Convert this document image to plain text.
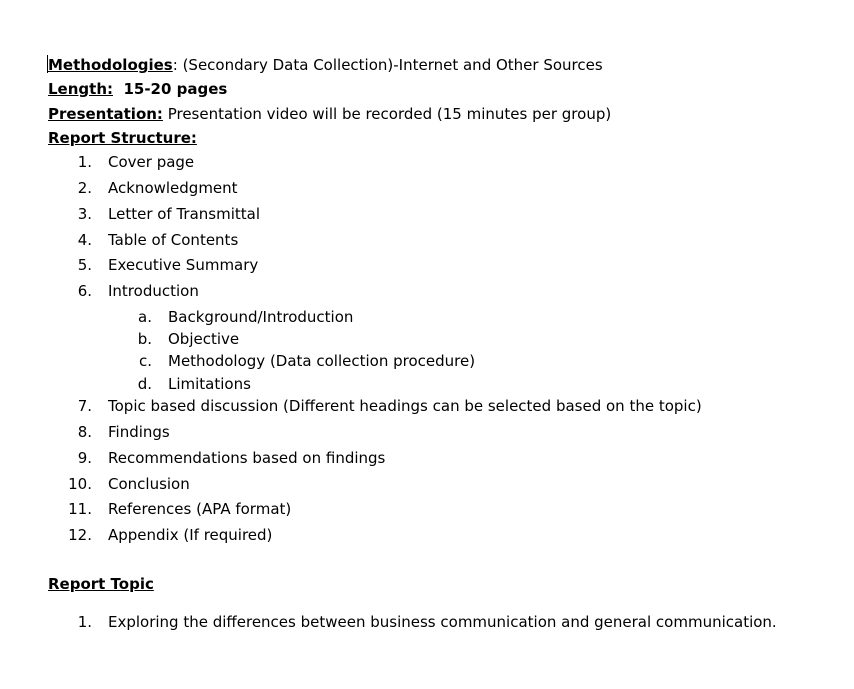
Methodologies: (Secondary Data Collection)-Internet and Other Sources
Length:  15-20 pages
Presentation: Presentation video will be recorded (15 minutes per group)
Report Structure:
1. Cover page
2. Acknowledgment
3. Letter of Transmittal
4. Table of Contents
5. Executive Summary
6. Introduction
a. Background/Introduction
b. Objective
c. Methodology (Data collection procedure)
d. Limitations
7. Topic based discussion (Different headings can be selected based on the topic)
8. Findings
9. Recommendations based on findings
10. Conclusion
11. References (APA format)
12. Appendix (If required)
Report Topic
1. Exploring the differences between business communication and general communication.
